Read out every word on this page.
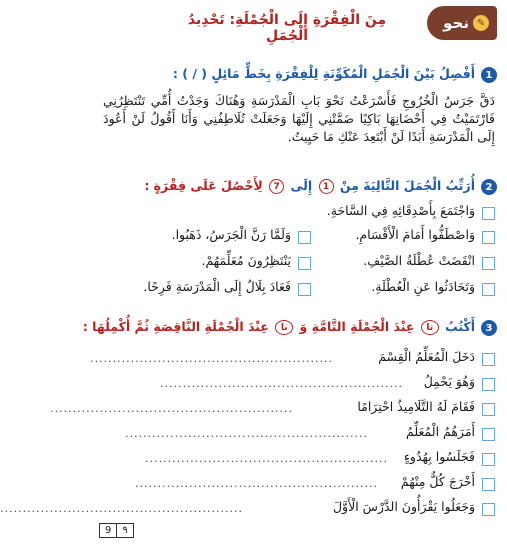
✎
نحو
مِنَ الْفِقْرَةِ إِلَى الْجُمْلَةِ: تَحْدِيدُ الْجُمَلِ
1
أَفْصِلُ بَيْنَ الْجُمَلِ الْمُكَوِّنَةِ لِلْفِقْرَةِ بِخَطٍّ مَائِلٍ ( / ) :
دَقَّ جَرَسُ الْخُرُوجِ فَأَسْرَعْتُ نَحْوَ بَابِ الْمَدْرَسَةِ وَهُنَاكَ وَجَدْتُ أُمِّي تَنْتَظِرُنِي فَارْتَمَيْتُ فِي أَحْضَانِهَا بَاكِيًا ضَمَّتْنِي إِلَيْهَا وَجَعَلَتْ تُلَاطِفُنِي وَأَنَا أَقُولُ لَنْ أَعُودَ إِلَى الْمَدْرَسَةِ أَبَدًا لَنْ أَبْتَعِدَ عَنْكِ مَا حَيِيتُ.
2
أُرَتِّبُ الْجُمَلَ التَّالِيَةَ مِنْ 1 إِلَى 7 لِأَحْصُلَ عَلَى فِقْرَةٍ :
وَاجْتَمَعَ بِأَصْدِقَائِهِ فِي السَّاحَةِ.
وَاصْطَفُّوا أَمَامَ الْأَقْسَامِ.
انْقَضَتْ عُطْلَةُ الصَّيْفِ.
وَتَحَادَثُوا عَنِ الْعُطْلَةِ.
وَلَمَّا رَنَّ الْجَرَسُ، ذَهَبُوا.
يَنْتَظِرُونَ مُعَلِّمَهُمْ.
فَعَادَ بِلَالٌ إِلَى الْمَدْرَسَةِ فَرِحًا.
3
أَكْتُبُ تا عِنْدَ الْجُمْلَةِ التَّامَّةِ وَ نا عِنْدَ الْجُمْلَةِ النَّاقِصَةِ ثُمَّ أُكْمِلُهَا :
دَخَلَ الْمُعَلِّمُ الْقِسْمَ
......................................................
وَهُوَ يَحْمِلُ
......................................................
فَقَامَ لَهُ التَّلَامِيذُ احْتِرَامًا
......................................................
أَمَرَهُمُ الْمُعَلِّمُ
......................................................
فَجَلَسُوا بِهُدُوءٍ
......................................................
أَخْرَجَ كُلٌّ مِنْهُمْ
......................................................
وَجَعَلُوا يَقْرَأُونَ الدَّرْسَ الْأَوَّلَ
......................................................
9	٩
